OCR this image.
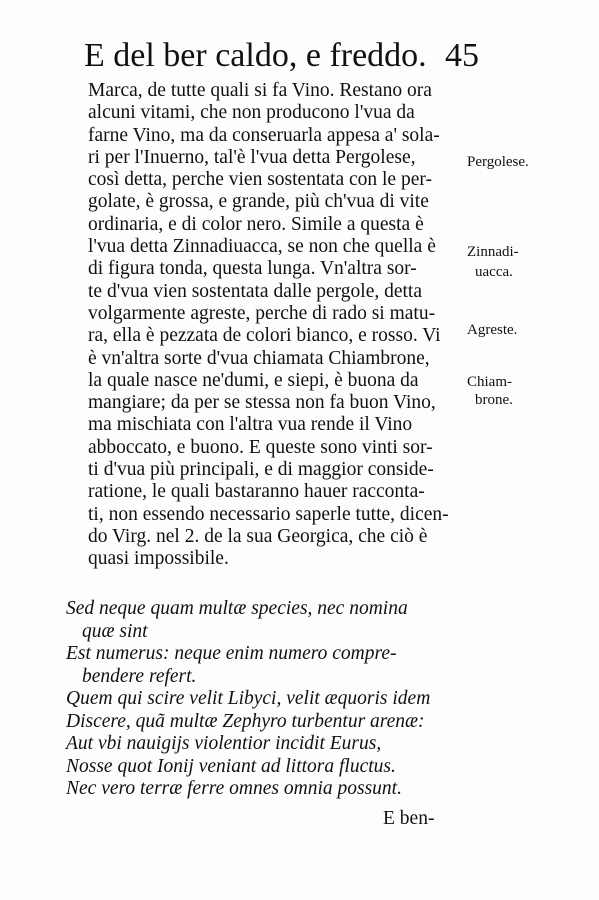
E del ber caldo, e freddo. 45
Marca, de tutte quali si fa Vino. Restano ora
alcuni vitami, che non producono l'vua da
farne Vino, ma da conseruarla appesa a' sola-
ri per l'Inuerno, tal'è l'vua detta Pergolese,
così detta, perche vien sostentata con le per-
golate, è grossa, e grande, più ch'vua di vite
ordinaria, e di color nero. Simile a questa è
l'vua detta Zinnadiuacca, se non che quella è
di figura tonda, questa lunga. Vn'altra sor-
te d'vua vien sostentata dalle pergole, detta
volgarmente agreste, perche di rado si matu-
ra, ella è pezzata de colori bianco, e rosso. Vi
è vn'altra sorte d'vua chiamata Chiambrone,
la quale nasce ne'dumi, e siepi, è buona da
mangiare; da per se stessa non fa buon Vino,
ma mischiata con l'altra vua rende il Vino
abboccato, e buono. E queste sono vinti sor-
ti d'vua più principali, e di maggior conside-
ratione, le quali bastaranno hauer racconta-
ti, non essendo necessario saperle tutte, dicen-
do Virg. nel 2. de la sua Georgica, che ciò è
quasi impossibile.
Sed neque quam multæ species, nec nomina
quæ sint
Est numerus: neque enim numero compre-
bendere refert.
Quem qui scire velit Libyci, velit æquoris idem
Discere, quã multæ Zephyro turbentur arenæ:
Aut vbi nauigijs violentior incidit Eurus,
Nosse quot Ionij veniant ad littora fluctus.
Nec vero terræ ferre omnes omnia possunt.
Pergolese.
Zinnadi-
uacca.
Agreste.
Chiam-
brone.
E ben-
